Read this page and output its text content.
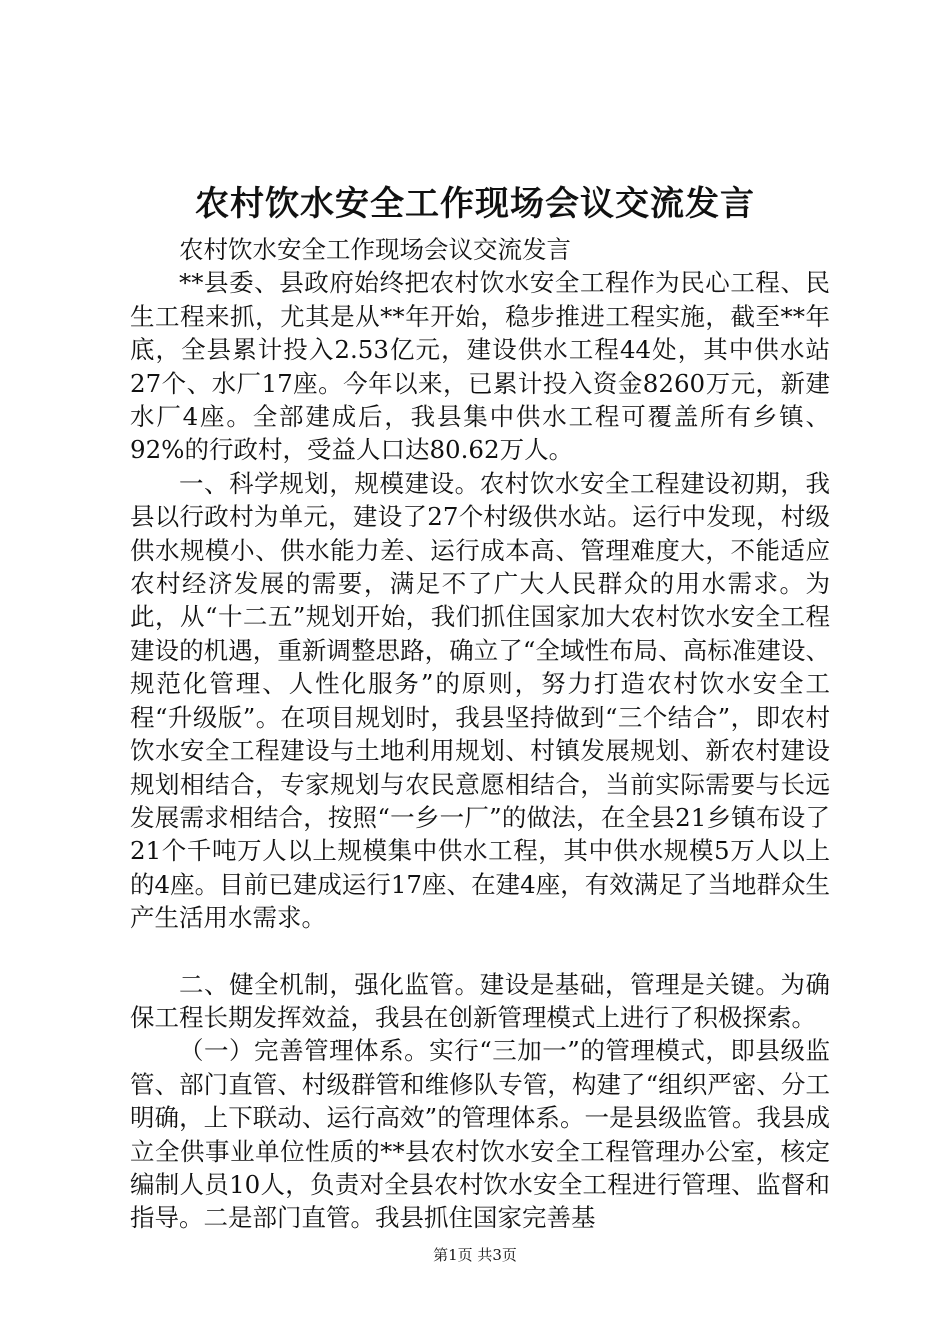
农村饮水安全工作现场会议交流发言

农村饮水安全工作现场会议交流发言

**县委、县政府始终把农村饮水安全工程作为民心工程、民生工程来抓，尤其是从**年开始，稳步推进工程实施，截至**年底，全县累计投入2.53亿元，建设供水工程44处，其中供水站27个、水厂17座。今年以来，已累计投入资金8260万元，新建水厂4座。全部建成后，我县集中供水工程可覆盖所有乡镇、92%的行政村，受益人口达80.62万人。

一、科学规划，规模建设。农村饮水安全工程建设初期，我县以行政村为单元，建设了27个村级供水站。运行中发现，村级供水规模小、供水能力差、运行成本高、管理难度大，不能适应农村经济发展的需要，满足不了广大人民群众的用水需求。为此，从“十二五”规划开始，我们抓住国家加大农村饮水安全工程建设的机遇，重新调整思路，确立了“全域性布局、高标准建设、规范化管理、人性化服务”的原则，努力打造农村饮水安全工程“升级版”。在项目规划时，我县坚持做到“三个结合”，即农村饮水安全工程建设与土地利用规划、村镇发展规划、新农村建设规划相结合，专家规划与农民意愿相结合，当前实际需要与长远发展需求相结合，按照“一乡一厂”的做法，在全县21乡镇布设了21个千吨万人以上规模集中供水工程，其中供水规模5万人以上的4座。目前已建成运行17座、在建4座，有效满足了当地群众生产生活用水需求。

二、健全机制，强化监管。建设是基础，管理是关键。为确保工程长期发挥效益，我县在创新管理模式上进行了积极探索。

（一）完善管理体系。实行“三加一”的管理模式，即县级监管、部门直管、村级群管和维修队专管，构建了“组织严密、分工明确，上下联动、运行高效”的管理体系。一是县级监管。我县成立全供事业单位性质的**县农村饮水安全工程管理办公室，核定编制人员10人，负责对全县农村饮水安全工程进行管理、监督和指导。二是部门直管。我县抓住国家完善基

第1页 共3页
